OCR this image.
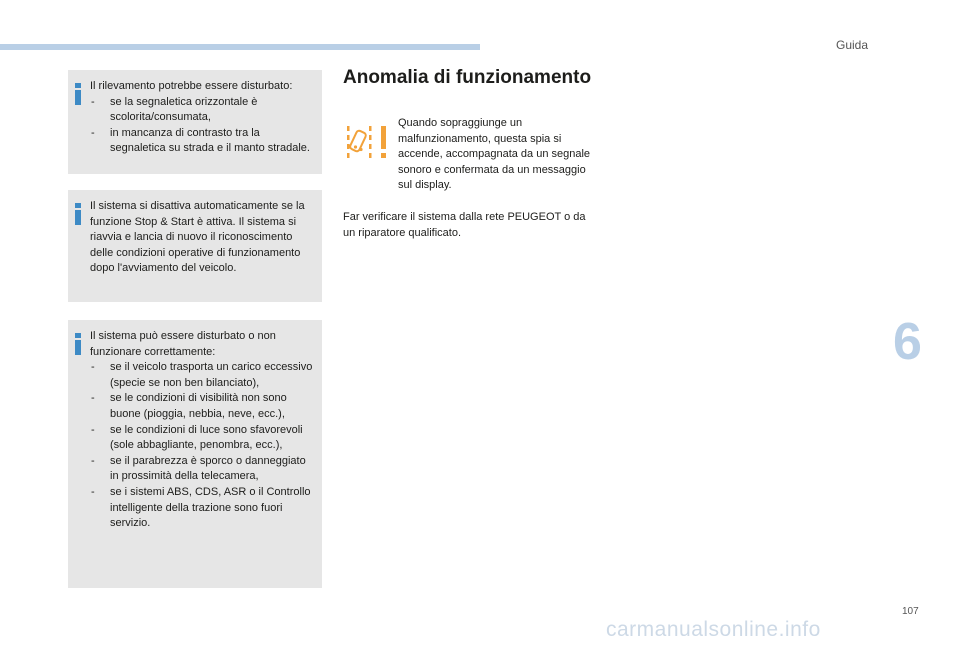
Guida

Il rilevamento potrebbe essere disturbato:

- se la segnaletica orizzontale è scolorita/consumata,
- in mancanza di contrasto tra la segnaletica su strada e il manto stradale.

Il sistema si disattiva automaticamente se la funzione Stop & Start è attiva. Il sistema si riavvia e lancia di nuovo il riconoscimento delle condizioni operative di funzionamento dopo l'avviamento del veicolo.

Il sistema può essere disturbato o non funzionare correttamente:

- se il veicolo trasporta un carico eccessivo (specie se non ben bilanciato),
- se le condizioni di visibilità non sono buone (pioggia, nebbia, neve, ecc.),
- se le condizioni di luce sono sfavorevoli (sole abbagliante, penombra, ecc.),
- se il parabrezza è sporco o danneggiato in prossimità della telecamera,
- se i sistemi ABS, CDS, ASR o il Controllo intelligente della trazione sono fuori servizio.
Anomalia di funzionamento

Quando sopraggiunge un malfunzionamento, questa spia si accende, accompagnata da un segnale sonoro e confermata da un messaggio sul display.

Far verificare il sistema dalla rete PEUGEOT o da un riparatore qualificato.

6
107
carmanualsonline.info
